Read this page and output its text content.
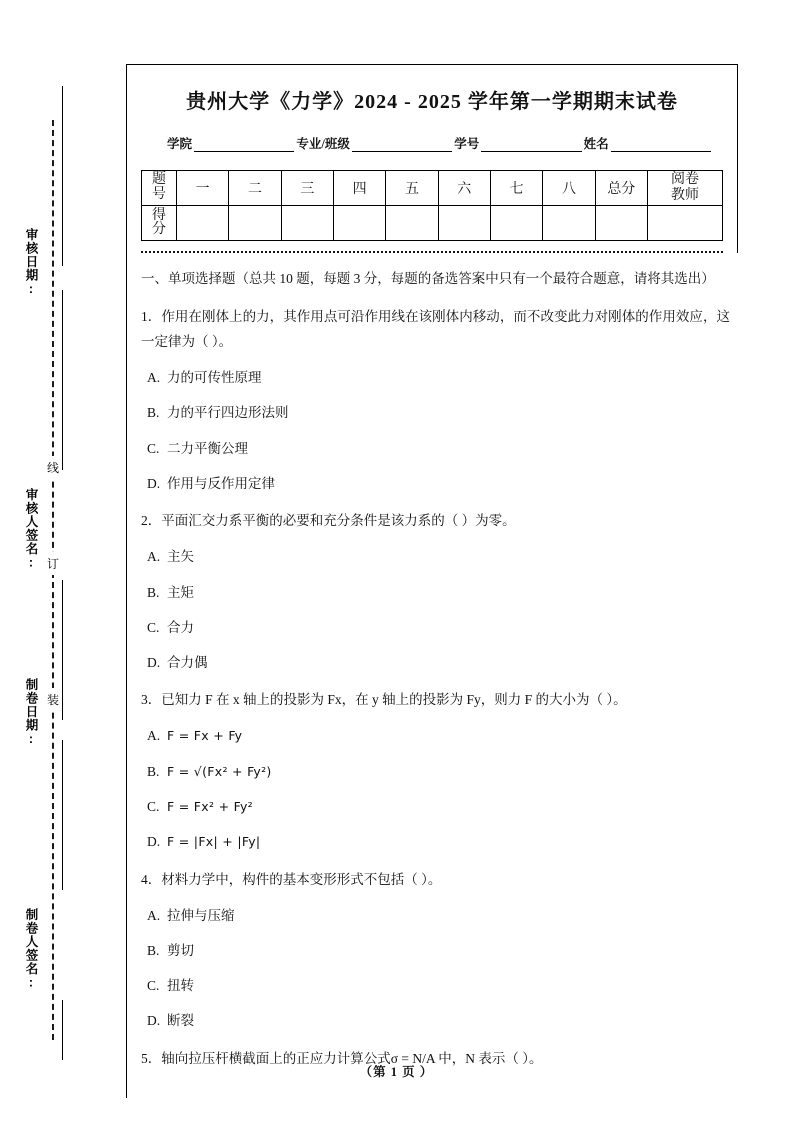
审核日期:
审核人签名:
制卷日期:
制卷人签名:
线
订
装
贵州大学《力学》2024 - 2025 学年第一学期期末试卷
学院	专业/班级	学号	姓名
题
号	一	二	三	四	五	六	七	八	总分	阅卷
教师

得
分										

一、单项选择题（总共 10 题，每题 3 分，每题的备选答案中只有一个最符合题意，请将其选出）
1．作用在刚体上的力，其作用点可沿作用线在该刚体内移动，而不改变此力对刚体的作用效应，这一定律为（ ）。
A. 力的可传性原理
B. 力的平行四边形法则
C. 二力平衡公理
D. 作用与反作用定律
2．平面汇交力系平衡的必要和充分条件是该力系的（ ）为零。
A. 主矢
B. 主矩
C. 合力
D. 合力偶
3．已知力 F 在 x 轴上的投影为 Fx，在 y 轴上的投影为 Fy，则力 F 的大小为（ ）。
A. F = Fx + Fy
B. F = √(Fx² + Fy²)
C. F = Fx² + Fy²
D. F = |Fx| + |Fy|
4．材料力学中，构件的基本变形形式不包括（ ）。
A. 拉伸与压缩
B. 剪切
C. 扭转
D. 断裂
5．轴向拉压杆横截面上的正应力计算公式σ = N/A 中，N 表示（ ）。
（第 1 页 ）
